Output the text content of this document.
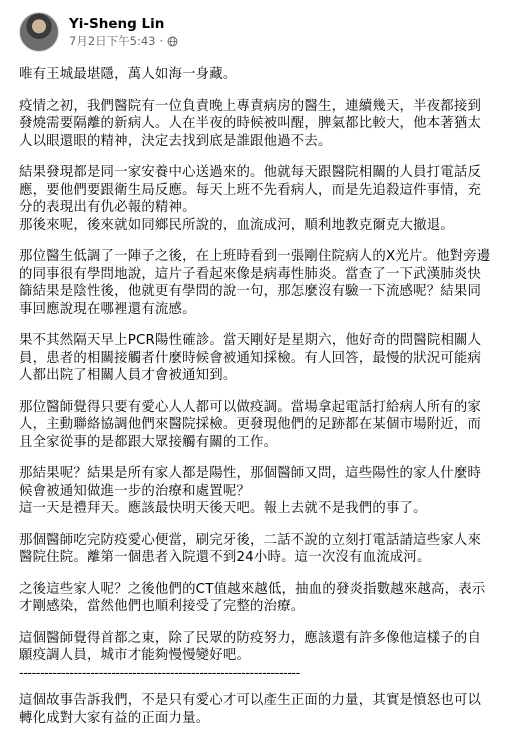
Yi-Sheng Lin
7月2日下午5:43 ·

唯有王城最堪隱，萬人如海一身藏。

疫情之初，我們醫院有一位負責晚上專責病房的醫生，連續幾天，半夜都接到發燒需要隔離的新病人。人在半夜的時候被叫醒，脾氣都比較大，他本著猶太人以眼還眼的精神，決定去找到底是誰跟他過不去。

結果發現都是同一家安養中心送過來的。他就每天跟醫院相關的人員打電話反應，要他們要跟衛生局反應。每天上班不先看病人，而是先追殺這件事情，充分的表現出有仇必報的精神。
那後來呢，後來就如同鄉民所說的，血流成河，順利地教克爾克大撤退。

那位醫生低調了一陣子之後，在上班時看到一張剛住院病人的X光片。他對旁邊的同事很有學問地說，這片子看起來像是病毒性肺炎。當查了一下武漢肺炎快篩結果是陰性後，他就更有學問的說一句，那怎麼沒有驗一下流感呢？結果同事回應說現在哪裡還有流感。

果不其然隔天早上PCR陽性確診。當天剛好是星期六，他好奇的問醫院相關人員，患者的相關接觸者什麼時候會被通知採檢。有人回答，最慢的狀況可能病人都出院了相關人員才會被通知到。

那位醫師覺得只要有愛心人人都可以做疫調。當場拿起電話打給病人所有的家人，主動聯絡協調他們來醫院採檢。更發現他們的足跡都在某個市場附近，而且全家從事的是都跟大眾接觸有關的工作。

那結果呢？結果是所有家人都是陽性，那個醫師又問，這些陽性的家人什麼時候會被通知做進一步的治療和處置呢？
這一天是禮拜天。應該最快明天後天吧。報上去就不是我們的事了。

那個醫師吃完防疫愛心便當，刷完牙後，二話不說的立刻打電話請這些家人來醫院住院。離第一個患者入院還不到24小時。這一次沒有血流成河。

之後這些家人呢？之後他們的CT值越來越低，抽血的發炎指數越來越高，表示才剛感染，當然他們也順利接受了完整的治療。

這個醫師覺得首都之東，除了民眾的防疫努力，應該還有許多像他這樣子的自願疫調人員，城市才能夠慢慢變好吧。

-------------------------------------------------------------------

這個故事告訴我們，不是只有愛心才可以產生正面的力量，其實是憤怒也可以轉化成對大家有益的正面力量。
